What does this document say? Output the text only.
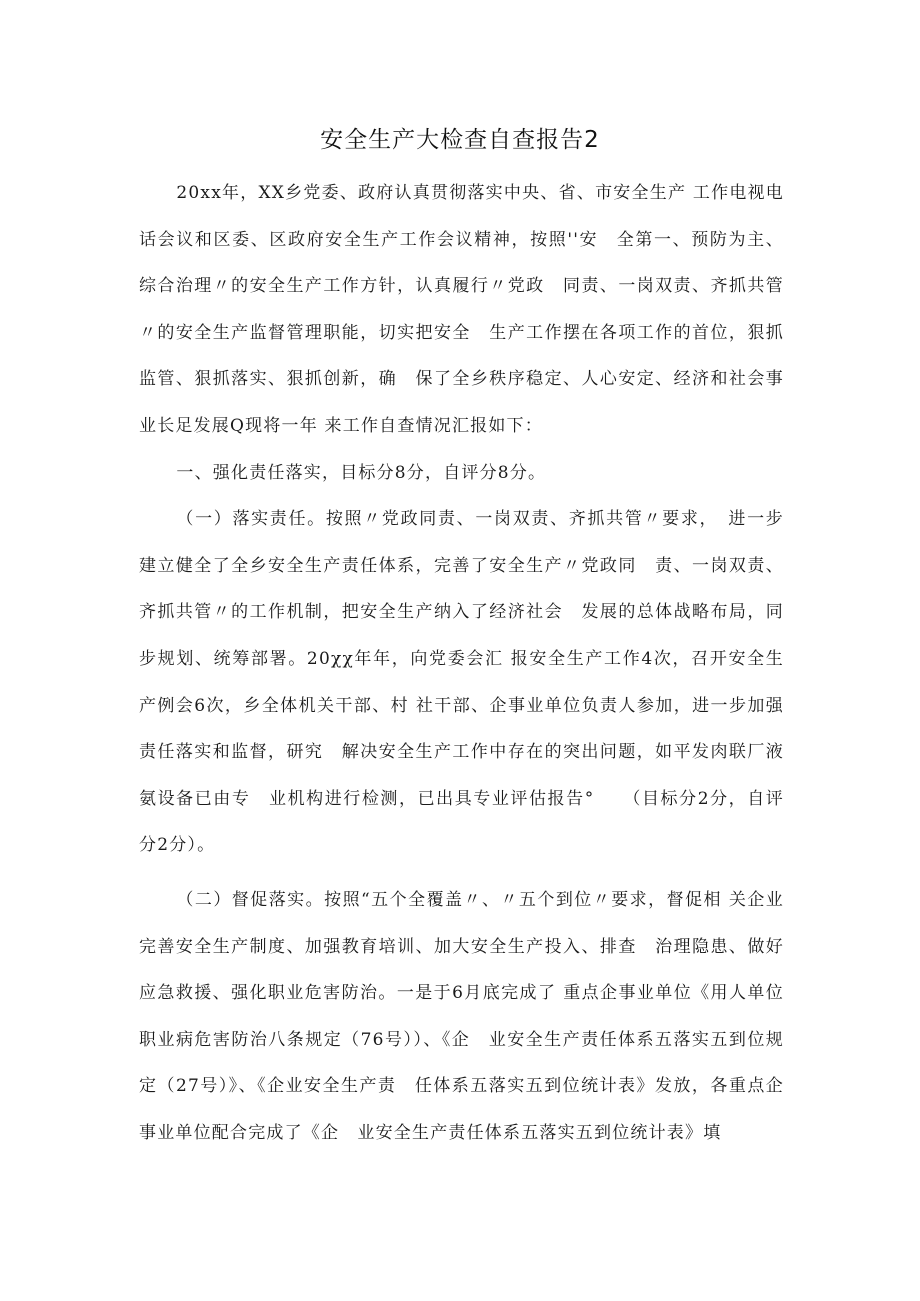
安全生产大检查自查报告2

20xx年，XX乡党委、政府认真贯彻落实中央、省、市安全生产 工作电视电话会议和区委、区政府安全生产工作会议精神，按照''安　全第一、预防为主、综合治理〃的安全生产工作方针，认真履行〃党政　同责、一岗双责、齐抓共管〃的安全生产监督管理职能，切实把安全　生产工作摆在各项工作的首位，狠抓监管、狠抓落实、狠抓创新，确　保了全乡秩序稳定、人心安定、经济和社会事业长足发展Q现将一年 来工作自查情况汇报如下：

一、强化责任落实，目标分8分，自评分8分。

（一）落实责任。按照〃党政同责、一岗双责、齐抓共管〃要求，　进一步建立健全了全乡安全生产责任体系，完善了安全生产〃党政同　责、一岗双责、齐抓共管〃的工作机制，把安全生产纳入了经济社会　发展的总体战略布局，同步规划、统筹部署。20χχ年年，向党委会汇 报安全生产工作4次，召开安全生产例会6次，乡全体机关干部、村 社干部、企事业单位负责人参加，进一步加强责任落实和监督，研究　解决安全生产工作中存在的突出问题，如平发肉联厂液氨设备已由专　业机构进行检测，已出具专业评估报告°　　（目标分2分，自评分2分）。

（二）督促落实。按照“五个全覆盖〃、〃五个到位〃要求，督促相 关企业完善安全生产制度、加强教育培训、加大安全生产投入、排查　治理隐患、做好应急救援、强化职业危害防治。一是于6月底完成了 重点企事业单位《用人单位职业病危害防治八条规定（76号））、《企　业安全生产责任体系五落实五到位规定（27号）》、《企业安全生产责　任体系五落实五到位统计表》发放，各重点企事业单位配合完成了《企　业安全生产责任体系五落实五到位统计表》填
